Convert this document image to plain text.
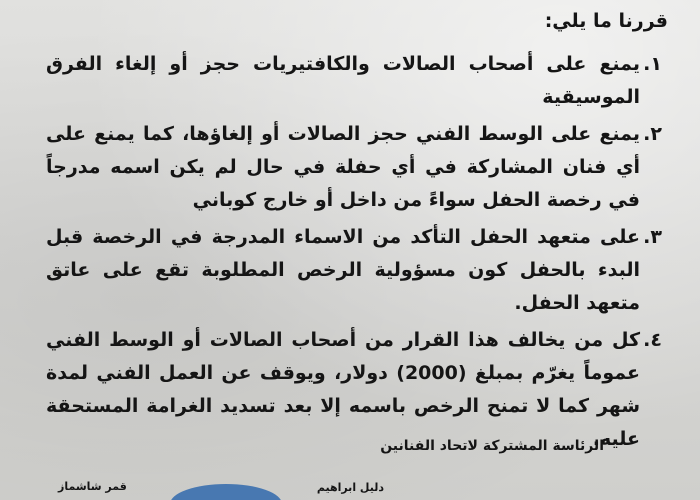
قررنا ما يلي:
١.
يمنع على أصحاب الصالات والكافتيريات حجز أو إلغاء الفرق الموسيقية
٢.
يمنع على الوسط الفني حجز الصالات أو إلغاؤها، كما يمنع على أي فنان المشاركة في أي حفلة في حال لم يكن اسمه مدرجاً في رخصة الحفل سواءً من داخل أو خارج كوباني
٣.
على متعهد الحفل التأكد من الاسماء المدرجة في الرخصة قبل البدء بالحفل كون مسؤولية الرخص المطلوبة تقع على عاتق متعهد الحفل.
٤.
كل من يخالف هذا القرار من أصحاب الصالات أو الوسط الفني عموماً يغرّم بمبلغ (2000) دولار، ويوقف عن العمل الفني لمدة شهر كما لا تمنح الرخص باسمه إلا بعد تسديد الغرامة المستحقة عليه.
الرئاسة المشتركة لاتحاد الفنانين
دليل ابراهيم
قمر شاشماز
